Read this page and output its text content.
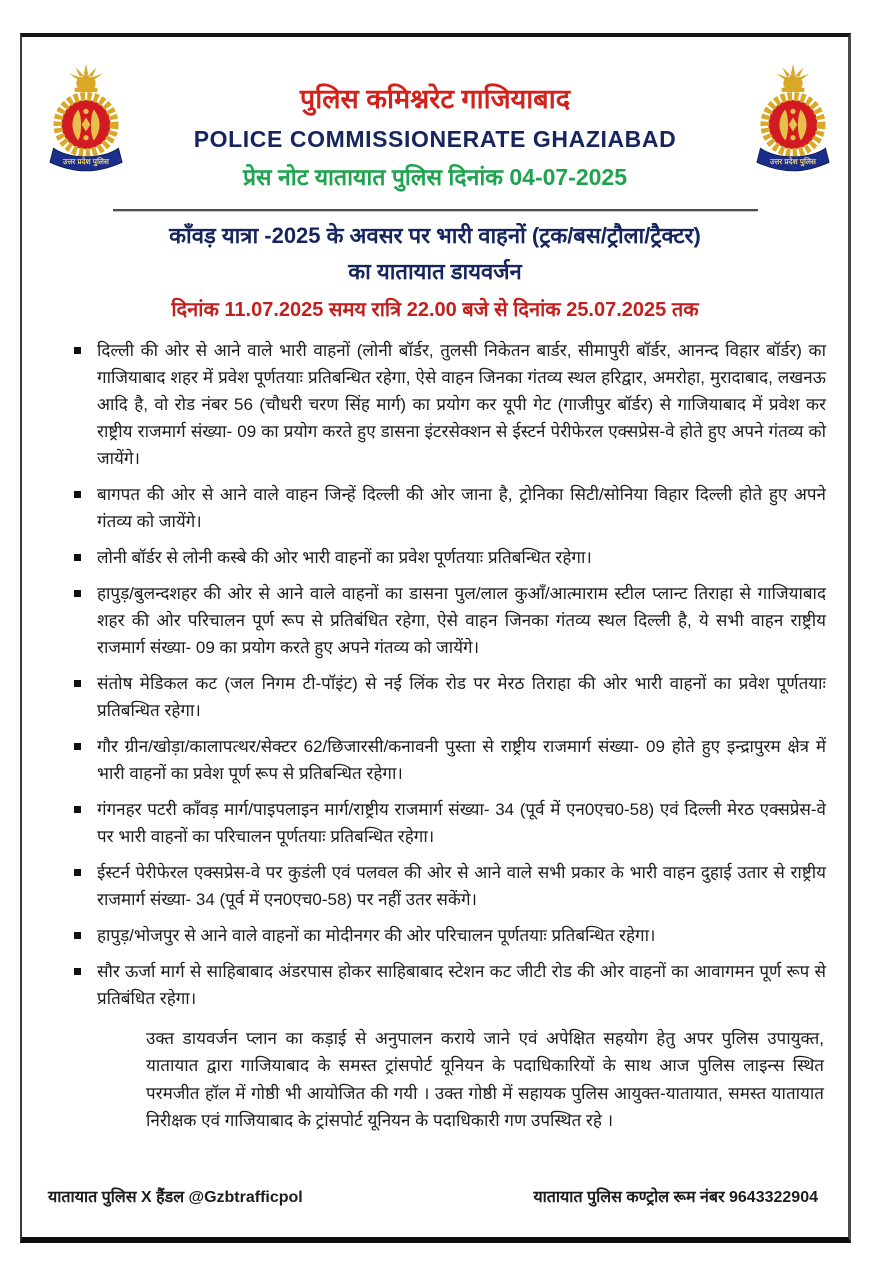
उत्तर प्रदेश पुलिस	उत्तर प्रदेश पुलिस
पुलिस कमिश्नरेट गाजियाबाद
POLICE COMMISSIONERATE GHAZIABAD
प्रेस नोट यातायात पुलिस दिनांक 04-07-2025

काँवड़ यात्रा -2025 के अवसर पर भारी वाहनों (ट्रक/बस/ट्रौला/ट्रैक्टर)

का यातायात डायवर्जन

दिनांक 11.07.2025 समय रात्रि 22.00 बजे से दिनांक 25.07.2025 तक

दिल्ली की ओर से आने वाले भारी वाहनों (लोनी बॉर्डर, तुलसी निकेतन बार्डर, सीमापुरी बॉर्डर, आनन्द विहार बॉर्डर) का गाजियाबाद शहर में प्रवेश पूर्णतयाः प्रतिबन्धित रहेगा, ऐसे वाहन जिनका गंतव्य स्थल हरिद्वार, अमरोहा, मुरादाबाद, लखनऊ आदि है, वो रोड नंबर 56 (चौधरी चरण सिंह मार्ग) का प्रयोग कर यूपी गेट (गाजीपुर बॉर्डर) से गाजियाबाद में प्रवेश कर राष्ट्रीय राजमार्ग संख्या- 09 का प्रयोग करते हुए डासना इंटरसेक्शन से ईस्टर्न पेरीफेरल एक्सप्रेस-वे होते हुए अपने गंतव्य को जायेंगे।
बागपत की ओर से आने वाले वाहन जिन्हें दिल्ली की ओर जाना है, ट्रोनिका सिटी/सोनिया विहार दिल्ली होते हुए अपने गंतव्य को जायेंगे।
लोनी बॉर्डर से लोनी कस्बे की ओर भारी वाहनों का प्रवेश पूर्णतयाः प्रतिबन्धित रहेगा।
हापुड़/बुलन्दशहर की ओर से आने वाले वाहनों का डासना पुल/लाल कुआँ/आत्माराम स्टील प्लान्ट तिराहा से गाजियाबाद शहर की ओर परिचालन पूर्ण रूप से प्रतिबंधित रहेगा, ऐसे वाहन जिनका गंतव्य स्थल दिल्ली है, ये सभी वाहन राष्ट्रीय राजमार्ग संख्या- 09 का प्रयोग करते हुए अपने गंतव्य को जायेंगे।
संतोष मेडिकल कट (जल निगम टी-पॉइंट) से नई लिंक रोड पर मेरठ तिराहा की ओर भारी वाहनों का प्रवेश पूर्णतयाः प्रतिबन्धित रहेगा।
गौर ग्रीन/खोड़ा/कालापत्थर/सेक्टर 62/छिजारसी/कनावनी पुस्ता से राष्ट्रीय राजमार्ग संख्या- 09 होते हुए इन्द्रापुरम क्षेत्र में भारी वाहनों का प्रवेश पूर्ण रूप से प्रतिबन्धित रहेगा।
गंगनहर पटरी काँवड़ मार्ग/पाइपलाइन मार्ग/राष्ट्रीय राजमार्ग संख्या- 34 (पूर्व में एन0एच0-58) एवं दिल्ली मेरठ एक्सप्रेस-वे पर भारी वाहनों का परिचालन पूर्णतयाः प्रतिबन्धित रहेगा।
ईस्टर्न पेरीफेरल एक्सप्रेस-वे पर कुडंली एवं पलवल की ओर से आने वाले सभी प्रकार के भारी वाहन दुहाई उतार से राष्ट्रीय राजमार्ग संख्या- 34 (पूर्व में एन0एच0-58) पर नहीं उतर सकेंगे।
हापुड़/भोजपुर से आने वाले वाहनों का मोदीनगर की ओर परिचालन पूर्णतयाः प्रतिबन्धित रहेगा।
सौर ऊर्जा मार्ग से साहिबाबाद अंडरपास होकर साहिबाबाद स्टेशन कट जीटी रोड की ओर वाहनों का आवागमन पूर्ण रूप से प्रतिबंधित रहेगा।

उक्त डायवर्जन प्लान का कड़ाई से अनुपालन कराये जाने एवं अपेक्षित सहयोग हेतु अपर पुलिस उपायुक्त, यातायात द्वारा गाजियाबाद के समस्त ट्रांसपोर्ट यूनियन के पदाधिकारियों के साथ आज पुलिस लाइन्स स्थित परमजीत हॉल में गोष्ठी भी आयोजित की गयी । उक्त गोष्ठी में सहायक पुलिस आयुक्त-यातायात, समस्त यातायात निरीक्षक एवं गाजियाबाद के ट्रांसपोर्ट यूनियन के पदाधिकारी गण उपस्थित रहे ।

यातायात पुलिस X हैंडल @Gzbtrafficpol	यातायात पुलिस कण्ट्रोल रूम नंबर 9643322904
